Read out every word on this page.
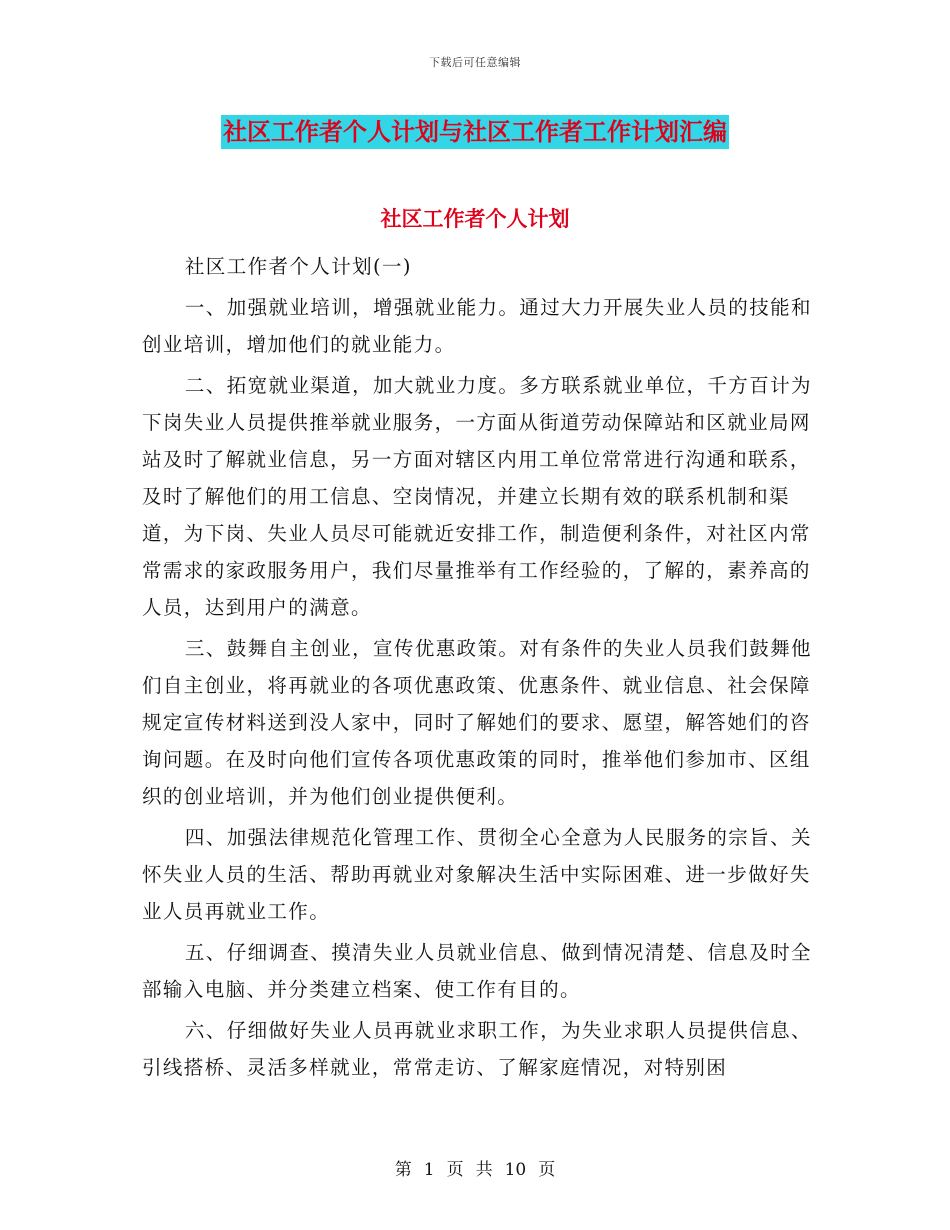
下载后可任意编辑
社区工作者个人计划与社区工作者工作计划汇编
社区工作者个人计划

社区工作者个人计划(一)

一、加强就业培训，增强就业能力。通过大力开展失业人员的技能和创业培训，增加他们的就业能力。

二、拓宽就业渠道，加大就业力度。多方联系就业单位，千方百计为下岗失业人员提供推举就业服务，一方面从街道劳动保障站和区就业局网站及时了解就业信息，另一方面对辖区内用工单位常常进行沟通和联系，及时了解他们的用工信息、空岗情况，并建立长期有效的联系机制和渠道，为下岗、失业人员尽可能就近安排工作，制造便利条件，对社区内常常需求的家政服务用户，我们尽量推举有工作经验的，了解的，素养高的人员，达到用户的满意。

三、鼓舞自主创业，宣传优惠政策。对有条件的失业人员我们鼓舞他们自主创业，将再就业的各项优惠政策、优惠条件、就业信息、社会保障规定宣传材料送到没人家中，同时了解她们的要求、愿望，解答她们的咨询问题。在及时向他们宣传各项优惠政策的同时，推举他们参加市、区组织的创业培训，并为他们创业提供便利。

四、加强法律规范化管理工作、贯彻全心全意为人民服务的宗旨、关怀失业人员的生活、帮助再就业对象解决生活中实际困难、进一步做好失业人员再就业工作。

五、仔细调查、摸清失业人员就业信息、做到情况清楚、信息及时全部输入电脑、并分类建立档案、使工作有目的。

六、仔细做好失业人员再就业求职工作，为失业求职人员提供信息、引线搭桥、灵活多样就业，常常走访、了解家庭情况，对特别困

第 1 页 共 10 页
